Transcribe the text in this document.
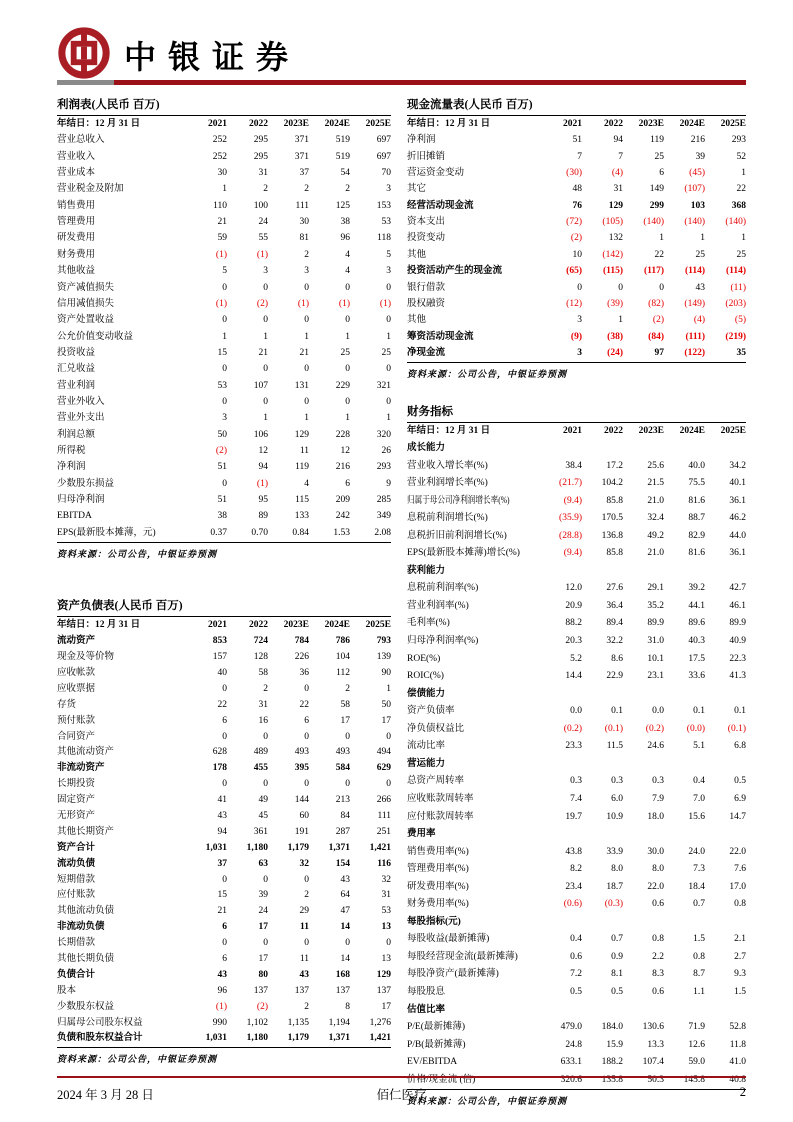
中银证券
利润表(人民币 百万)
年结日：12 月 31 日	2021	2022	2023E	2024E	2025E
营业总收入	252	295	371	519	697
营业收入	252	295	371	519	697
营业成本	30	31	37	54	70
营业税金及附加	1	2	2	2	3
销售费用	110	100	111	125	153
管理费用	21	24	30	38	53
研发费用	59	55	81	96	118
财务费用	(1)	(1)	2	4	5
其他收益	5	3	3	4	3
资产减值损失	0	0	0	0	0
信用减值损失	(1)	(2)	(1)	(1)	(1)
资产处置收益	0	0	0	0	0
公允价值变动收益	1	1	1	1	1
投资收益	15	21	21	25	25
汇兑收益	0	0	0	0	0
营业利润	53	107	131	229	321
营业外收入	0	0	0	0	0
营业外支出	3	1	1	1	1
利润总额	50	106	129	228	320
所得税	(2)	12	11	12	26
净利润	51	94	119	216	293
少数股东损益	0	(1)	4	6	9
归母净利润	51	95	115	209	285
EBITDA	38	89	133	242	349
EPS(最新股本摊薄，元)	0.37	0.70	0.84	1.53	2.08
资料来源：公司公告，中银证券预测
资产负债表(人民币 百万)
年结日：12 月 31 日	2021	2022	2023E	2024E	2025E
流动资产	853	724	784	786	793
现金及等价物	157	128	226	104	139
应收帐款	40	58	36	112	90
应收票据	0	2	0	2	1
存货	22	31	22	58	50
预付账款	6	16	6	17	17
合同资产	0	0	0	0	0
其他流动资产	628	489	493	493	494
非流动资产	178	455	395	584	629
长期投资	0	0	0	0	0
固定资产	41	49	144	213	266
无形资产	43	45	60	84	111
其他长期资产	94	361	191	287	251
资产合计	1,031	1,180	1,179	1,371	1,421
流动负债	37	63	32	154	116
短期借款	0	0	0	43	32
应付账款	15	39	2	64	31
其他流动负债	21	24	29	47	53
非流动负债	6	17	11	14	13
长期借款	0	0	0	0	0
其他长期负债	6	17	11	14	13
负债合计	43	80	43	168	129
股本	96	137	137	137	137
少数股东权益	(1)	(2)	2	8	17
归属母公司股东权益	990	1,102	1,135	1,194	1,276
负债和股东权益合计	1,031	1,180	1,179	1,371	1,421
资料来源：公司公告，中银证券预测
现金流量表(人民币 百万)
年结日：12 月 31 日	2021	2022	2023E	2024E	2025E
净利润	51	94	119	216	293
折旧摊销	7	7	25	39	52
营运资金变动	(30)	(4)	6	(45)	1
其它	48	31	149	(107)	22
经营活动现金流	76	129	299	103	368
资本支出	(72)	(105)	(140)	(140)	(140)
投资变动	(2)	132	1	1	1
其他	10	(142)	22	25	25
投资活动产生的现金流	(65)	(115)	(117)	(114)	(114)
银行借款	0	0	0	43	(11)
股权融资	(12)	(39)	(82)	(149)	(203)
其他	3	1	(2)	(4)	(5)
筹资活动现金流	(9)	(38)	(84)	(111)	(219)
净现金流	3	(24)	97	(122)	35
资料来源：公司公告，中银证券预测
财务指标
年结日：12 月 31 日	2021	2022	2023E	2024E	2025E
成长能力
营业收入增长率(%)	38.4	17.2	25.6	40.0	34.2
营业利润增长率(%)	(21.7)	104.2	21.5	75.5	40.1
归属于母公司净利润增长率(%)	(9.4)	85.8	21.0	81.6	36.1
息税前利润增长(%)	(35.9)	170.5	32.4	88.7	46.2
息税折旧前利润增长(%)	(28.8)	136.8	49.2	82.9	44.0
EPS(最新股本摊薄)增长(%)	(9.4)	85.8	21.0	81.6	36.1
获利能力
息税前利润率(%)	12.0	27.6	29.1	39.2	42.7
营业利润率(%)	20.9	36.4	35.2	44.1	46.1
毛利率(%)	88.2	89.4	89.9	89.6	89.9
归母净利润率(%)	20.3	32.2	31.0	40.3	40.9
ROE(%)	5.2	8.6	10.1	17.5	22.3
ROIC(%)	14.4	22.9	23.1	33.6	41.3
偿债能力
资产负债率	0.0	0.1	0.0	0.1	0.1
净负债权益比	(0.2)	(0.1)	(0.2)	(0.0)	(0.1)
流动比率	23.3	11.5	24.6	5.1	6.8
营运能力
总资产周转率	0.3	0.3	0.3	0.4	0.5
应收账款周转率	7.4	6.0	7.9	7.0	6.9
应付账款周转率	19.7	10.9	18.0	15.6	14.7
费用率
销售费用率(%)	43.8	33.9	30.0	24.0	22.0
管理费用率(%)	8.2	8.0	8.0	7.3	7.6
研发费用率(%)	23.4	18.7	22.0	18.4	17.0
财务费用率(%)	(0.6)	(0.3)	0.6	0.7	0.8
每股指标(元)
每股收益(最新摊薄)	0.4	0.7	0.8	1.5	2.1
每股经营现金流(最新摊薄)	0.6	0.9	2.2	0.8	2.7
每股净资产(最新摊薄)	7.2	8.1	8.3	8.7	9.3
每股股息	0.5	0.5	0.6	1.1	1.5
估值比率
P/E(最新摊薄)	479.0	184.0	130.6	71.9	52.8
P/B(最新摊薄)	24.8	15.9	13.3	12.6	11.8
EV/EBITDA	633.1	188.2	107.4	59.0	41.0
价格/现金流 (倍)	320.6	135.8	50.3	145.8	40.8
资料来源：公司公告，中银证券预测
2024 年 3 月 28 日	佰仁医疗	2
